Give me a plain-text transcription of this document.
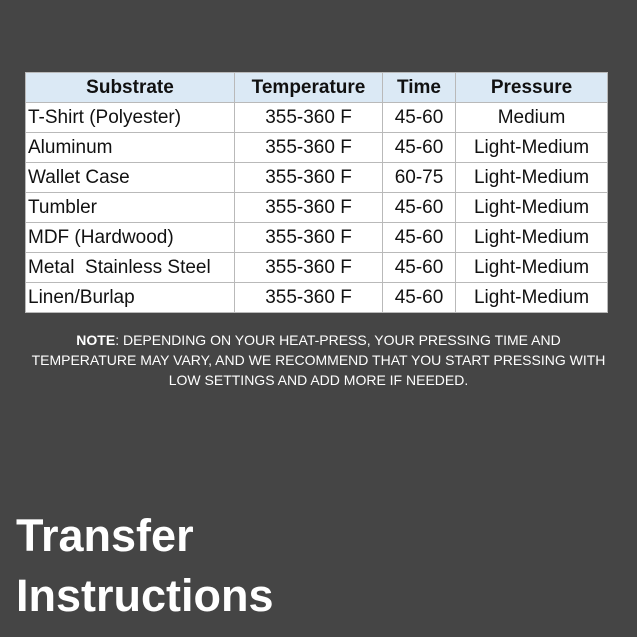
Substrate	Temperature	Time	Pressure
T-Shirt (Polyester)	355-360 F	45-60	Medium
Aluminum	355-360 F	45-60	Light-Medium
Wallet Case	355-360 F	60-75	Light-Medium
Tumbler	355-360 F	45-60	Light-Medium
MDF (Hardwood)	355-360 F	45-60	Light-Medium
Metal  Stainless Steel	355-360 F	45-60	Light-Medium
Linen/Burlap	355-360 F	45-60	Light-Medium
NOTE: DEPENDING ON YOUR HEAT-PRESS, YOUR PRESSING TIME AND TEMPERATURE MAY VARY, AND WE RECOMMEND THAT YOU START PRESSING WITH LOW SETTINGS AND ADD MORE IF NEEDED.
Transfer
Instructions
